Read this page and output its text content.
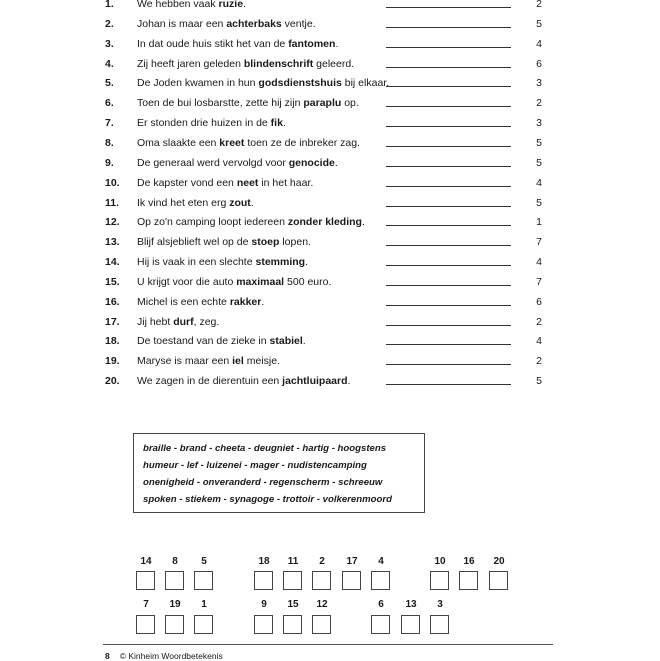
1. We hebben vaak ruzie.	2
2. Johan is maar een achterbaks ventje.	5
3. In dat oude huis stikt het van de fantomen.	4
4. Zij heeft jaren geleden blindenschrift geleerd.	6
5. De Joden kwamen in hun godsdienstshuis bij elkaar.	3
6. Toen de bui losbarstte, zette hij zijn paraplu op.	2
7. Er stonden drie huizen in de fik.	3
8. Oma slaakte een kreet toen ze de inbreker zag.	5
9. De generaal werd vervolgd voor genocide.	5
10. De kapster vond een neet in het haar.	4
11. Ik vind het eten erg zout.	5
12. Op zo'n camping loopt iedereen zonder kleding.	1
13. Blijf alsjeblieft wel op de stoep lopen.	7
14. Hij is vaak in een slechte stemming.	4
15. U krijgt voor die auto maximaal 500 euro.	7
16. Michel is een echte rakker.	6
17. Jij hebt durf, zeg.	2
18. De toestand van de zieke in stabiel.	4
19. Maryse is maar een iel meisje.	2
20. We zagen in de dierentuin een jachtluipaard.	5
braille - brand - cheeta - deugniet - hartig - hoogstens
humeur - lef - luizenei - mager - nudistencamping
onenigheid - onveranderd - regenscherm - schreeuw
spoken - stiekem - synagoge - trottoir - volkerenmoord
14	8	5	18	11	2	17	4	10	16	20
7	19	1	9	15	12	6	13	3
8 © Kinheim Woordbetekenis
